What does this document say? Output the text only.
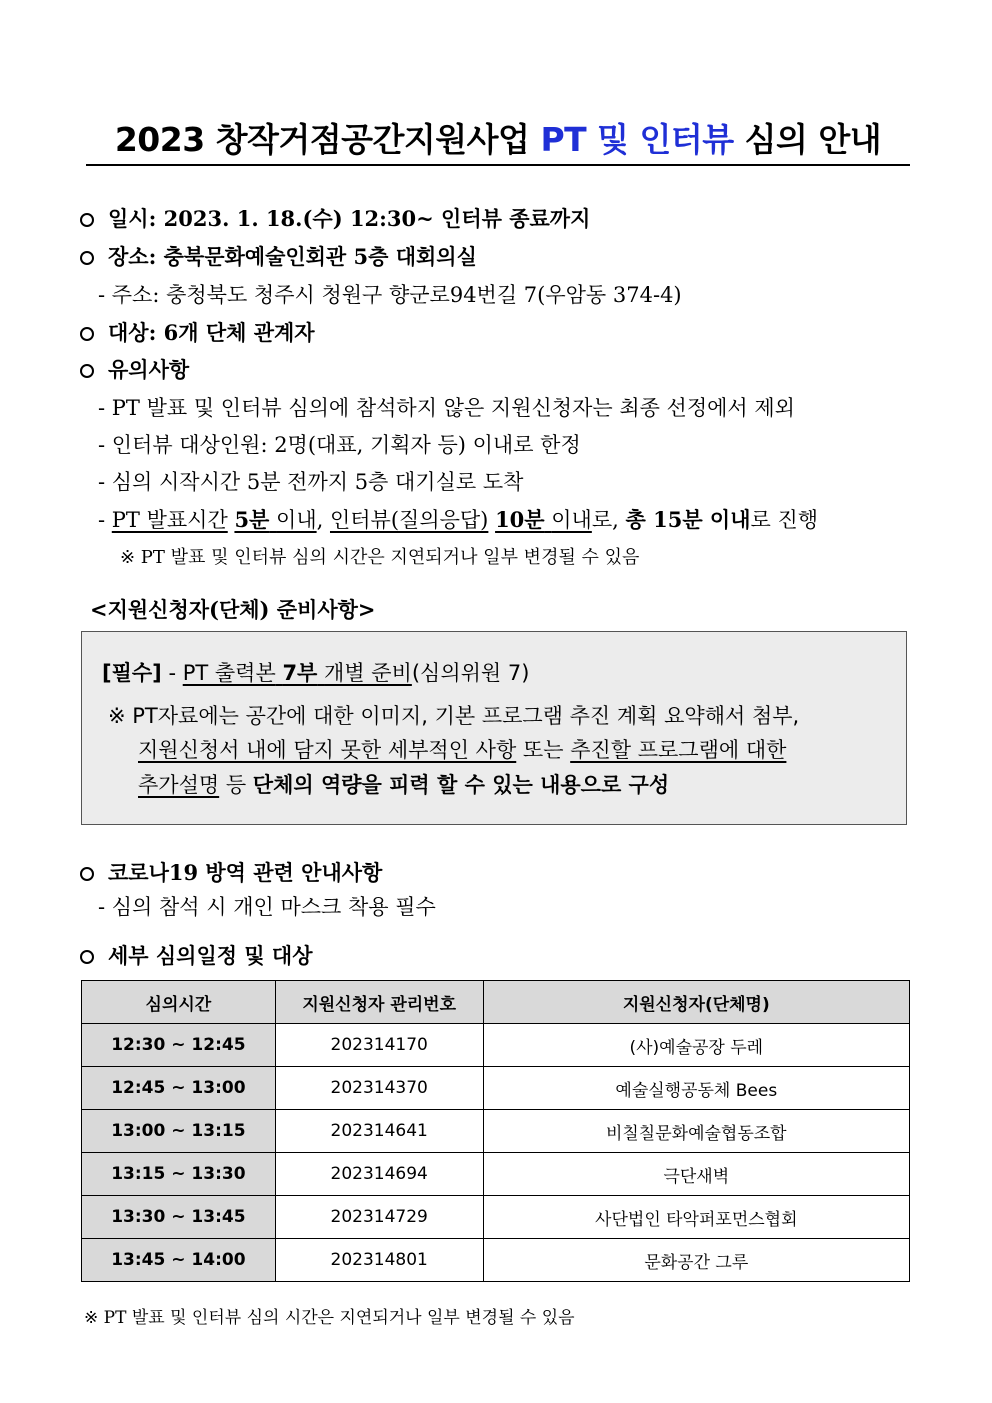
2023 창작거점공간지원사업 PT 및 인터뷰 심의 안내
일시: 2023. 1. 18.(수) 12:30~ 인터뷰 종료까지
장소: 충북문화예술인회관 5층 대회의실
- 주소: 충청북도 청주시 청원구 향군로94번길 7(우암동 374-4)
대상: 6개 단체 관계자
유의사항
- PT 발표 및 인터뷰 심의에 참석하지 않은 지원신청자는 최종 선정에서 제외
- 인터뷰 대상인원: 2명(대표, 기획자 등) 이내로 한정
- 심의 시작시간 5분 전까지 5층 대기실로 도착
- PT 발표시간 5분 이내, 인터뷰(질의응답) 10분 이내로, 총 15분 이내로 진행
※ PT 발표 및 인터뷰 심의 시간은 지연되거나 일부 변경될 수 있음
<지원신청자(단체) 준비사항>
[필수] - PT 출력본 7부 개별 준비(심의위원 7)
※ PT자료에는 공간에 대한 이미지, 기본 프로그램 추진 계획 요약해서 첨부,
지원신청서 내에 담지 못한 세부적인 사항 또는 추진할 프로그램에 대한
추가설명 등 단체의 역량을 피력 할 수 있는 내용으로 구성
코로나19 방역 관련 안내사항
- 심의 참석 시 개인 마스크 착용 필수
세부 심의일정 및 대상
심의시간	지원신청자 관리번호	지원신청자(단체명)
12:30 ~ 12:45	202314170	(사)예술공장 두레
12:45 ~ 13:00	202314370	예술실행공동체 Bees
13:00 ~ 13:15	202314641	비칠칠문화예술협동조합
13:15 ~ 13:30	202314694	극단새벽
13:30 ~ 13:45	202314729	사단법인 타악퍼포먼스협회
13:45 ~ 14:00	202314801	문화공간 그루
※ PT 발표 및 인터뷰 심의 시간은 지연되거나 일부 변경될 수 있음
